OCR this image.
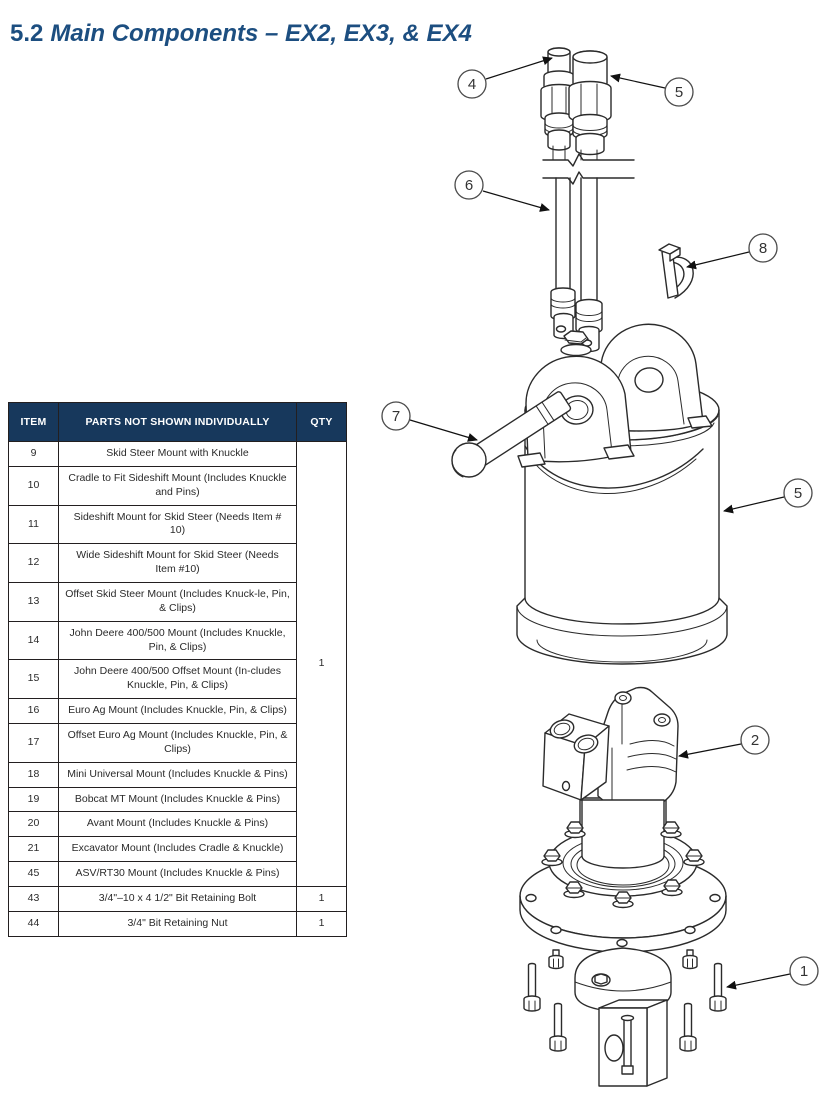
5.2 Main Components – EX2, EX3, & EX4
ITEM	PARTS NOT SHOWN INDIVIDUALLY	QTY
9	Skid Steer Mount with Knuckle	1
10	Cradle to Fit Sideshift Mount (Includes Knuckle and Pins)	
11	Sideshift Mount for Skid Steer (Needs Item # 10)	
12	Wide Sideshift Mount for Skid Steer (Needs Item #10)	
13	Offset Skid Steer Mount (Includes Knuck-le, Pin, & Clips)	
14	John Deere 400/500 Mount (Includes Knuckle, Pin, & Clips)	
15	John Deere 400/500 Offset Mount (In-cludes Knuckle, Pin, & Clips)	
16	Euro Ag Mount (Includes Knuckle, Pin, & Clips)	
17	Offset Euro Ag Mount (Includes Knuckle, Pin, & Clips)	
18	Mini Universal Mount (Includes Knuckle & Pins)	
19	Bobcat MT Mount (Includes Knuckle & Pins)	
20	Avant Mount (Includes Knuckle & Pins)	
21	Excavator Mount (Includes Cradle & Knuckle)	
45	ASV/RT30 Mount (Includes Knuckle & Pins)	
43	3/4"–10 x 4 1/2" Bit Retaining Bolt	1
44	3/4" Bit Retaining Nut	1
4	5
6
8
7
5
2
1
